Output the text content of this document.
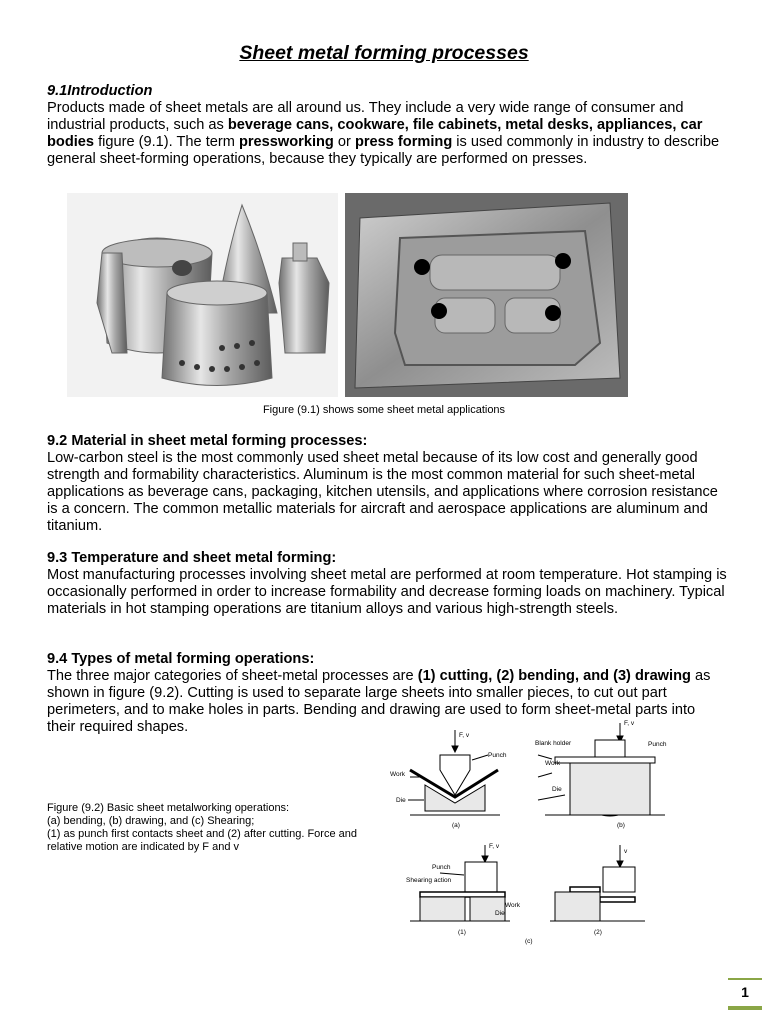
Sheet metal forming processes

9.1Introduction

Products made of sheet metals are all around us. They include a very wide range of consumer and industrial products, such as beverage cans, cookware, file cabinets, metal desks, appliances, car bodies figure (9.1). The term pressworking or press forming is used commonly in industry to describe general sheet-forming operations, because they typically are performed on presses.

Figure (9.1) shows some sheet metal applications

9.2 Material in sheet metal forming processes:

Low-carbon steel is the most commonly used sheet metal because of its low cost and generally good strength and formability characteristics. Aluminum is the most common material for such sheet-metal applications as beverage cans, packaging, kitchen utensils, and applications where corrosion resistance is a concern. The common metallic materials for aircraft and aerospace applications are aluminum and titanium.

9.3 Temperature and sheet metal forming:

Most manufacturing processes involving sheet metal are performed at room temperature. Hot stamping is occasionally performed in order to increase formability and decrease forming loads on machinery. Typical materials in hot stamping operations are titanium alloys and various high-strength steels.

9.4 Types of metal forming operations:

The three major categories of sheet-metal processes are (1) cutting, (2) bending, and (3) drawing as shown in figure (9.2). Cutting is used to separate large sheets into smaller pieces, to cut out part perimeters, and to make holes in parts. Bending and drawing are used to form sheet-metal parts into their required shapes.

Figure (9.2) Basic sheet metalworking operations:
(a) bending, (b) drawing, and (c) Shearing;
(1) as punch first contacts sheet and (2) after cutting. Force and
relative motion are indicated by F and v
F, v
Punch
Work
Die
(a)
F, v
Blank holder	Punch
Work
Die
(b)
F, v
Punch
Shearing action
Work
Die
(1)
v
(2)
(c)
1
